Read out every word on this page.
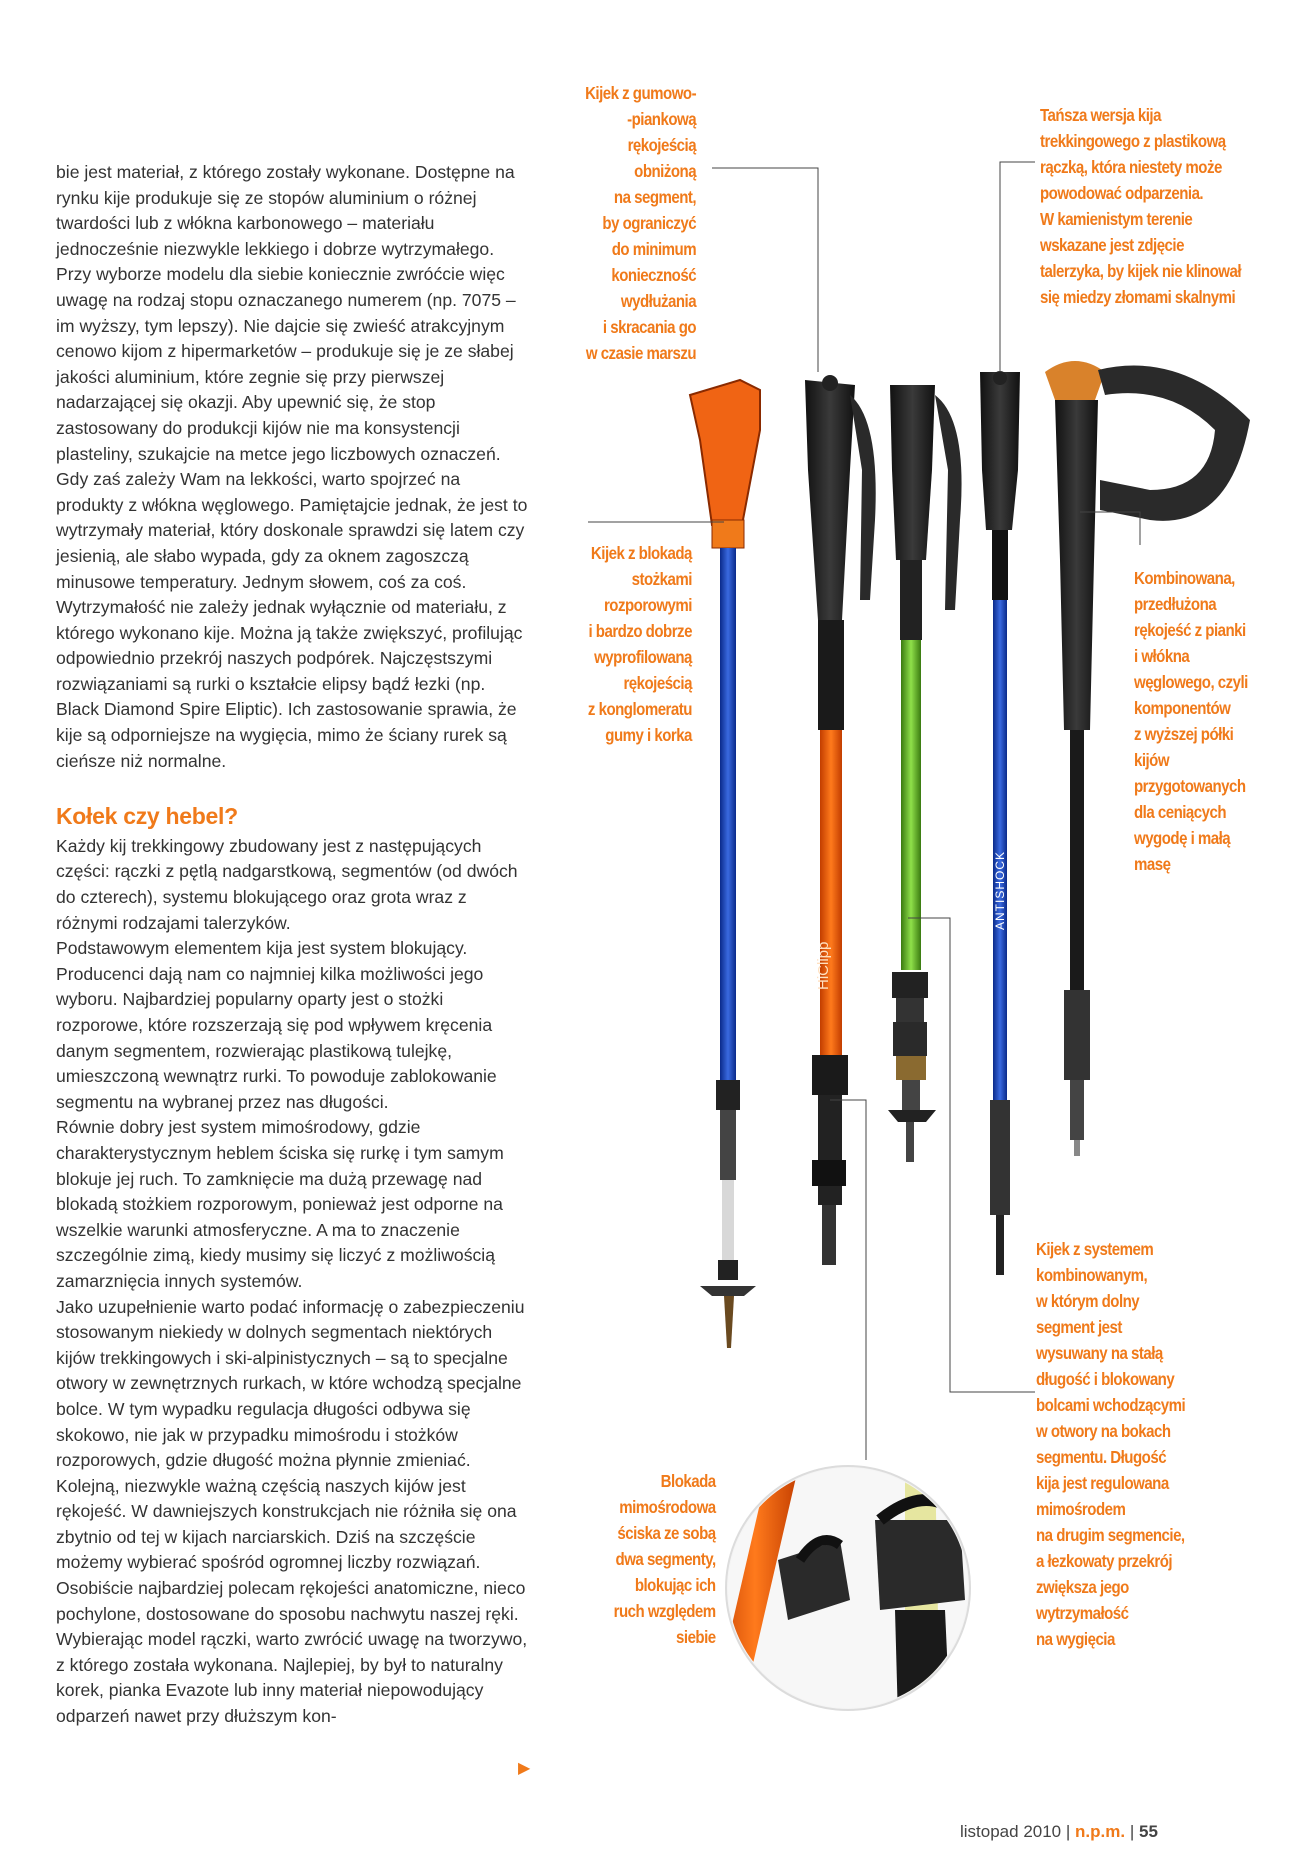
HiClipp
ANTISHOCK

bie jest materiał, z którego zostały wykonane. Dostępne na rynku kije produkuje się ze stopów aluminium o różnej twardości lub z włókna karbonowego – materiału jednocześnie niezwykle lekkiego i dobrze wytrzymałego. Przy wyborze modelu dla siebie koniecznie zwróćcie więc uwagę na rodzaj stopu oznaczanego numerem (np. 7075 – im wyższy, tym lepszy). Nie dajcie się zwieść atrakcyjnym cenowo kijom z hipermarketów – produkuje się je ze słabej jakości aluminium, które zegnie się przy pierwszej nadarzającej się okazji. Aby upewnić się, że stop zastosowany do produkcji kijów nie ma konsystencji plasteliny, szukajcie na metce jego liczbowych oznaczeń. Gdy zaś zależy Wam na lekkości, warto spojrzeć na produkty z włókna węglowego. Pamiętajcie jednak, że jest to wytrzymały materiał, który doskonale sprawdzi się latem czy jesienią, ale słabo wypada, gdy za oknem zagoszczą minusowe temperatury. Jednym słowem, coś za coś.

Wytrzymałość nie zależy jednak wyłącznie od materiału, z którego wykonano kije. Można ją także zwiększyć, profilując odpowiednio przekrój naszych podpórek. Najczęstszymi rozwiązaniami są rurki o kształcie elipsy bądź łezki (np. Black Diamond Spire Eliptic). Ich zastosowanie sprawia, że kije są odporniejsze na wygięcia, mimo że ściany rurek są cieńsze niż normalne.

Kołek czy hebel?

Każdy kij trekkingowy zbudowany jest z następujących części: rączki z pętlą nadgarstkową, segmentów (od dwóch do czterech), systemu blokującego oraz grota wraz z różnymi rodzajami talerzyków.

Podstawowym elementem kija jest system blokujący. Producenci dają nam co najmniej kilka możliwości jego wyboru. Najbardziej popularny oparty jest o stożki rozporowe, które rozszerzają się pod wpływem kręcenia danym segmentem, rozwierając plastikową tulejkę, umieszczoną wewnątrz rurki. To powoduje zablokowanie segmentu na wybranej przez nas długości.

Równie dobry jest system mimośrodowy, gdzie charakterystycznym heblem ściska się rurkę i tym samym blokuje jej ruch. To zamknięcie ma dużą przewagę nad blokadą stożkiem rozporowym, ponieważ jest odporne na wszelkie warunki atmosferyczne. A ma to znaczenie szczególnie zimą, kiedy musimy się liczyć z możliwością zamarznięcia innych systemów.

Jako uzupełnienie warto podać informację o zabezpieczeniu stosowanym niekiedy w dolnych segmentach niektórych kijów trekkingowych i ski-alpinistycznych – są to specjalne otwory w zewnętrznych rurkach, w które wchodzą specjalne bolce. W tym wypadku regulacja długości odbywa się skokowo, nie jak w przypadku mimośrodu i stożków rozporowych, gdzie długość można płynnie zmieniać.

Kolejną, niezwykle ważną częścią naszych kijów jest rękojeść. W dawniejszych konstrukcjach nie różniła się ona zbytnio od tej w kijach narciarskich. Dziś na szczęście możemy wybierać spośród ogromnej liczby rozwiązań. Osobiście najbardziej polecam rękojeści anatomiczne, nieco pochylone, dostosowane do sposobu nachwytu naszej ręki. Wybierając model rączki, warto zwrócić uwagę na tworzywo, z którego została wykonana. Najlepiej, by był to naturalny korek, pianka Evazote lub inny materiał niepowodujący odparzeń nawet przy dłuższym kon-

▶
Kijek z gumowo-
-piankową
rękojeścią
obniżoną
na segment,
by ograniczyć
do minimum
konieczność
wydłużania
i skracania go
w czasie marszu
Tańsza wersja kija
trekkingowego z plastikową
rączką, która niestety może
powodować odparzenia.
W kamienistym terenie
wskazane jest zdjęcie
talerzyka, by kijek nie klinował
się miedzy złomami skalnymi
Kijek z blokadą
stożkami
rozporowymi
i bardzo dobrze
wyprofilowaną
rękojeścią
z konglomeratu
gumy i korka
Kombinowana,
przedłużona
rękojeść z pianki
i włókna
węglowego, czyli
komponentów
z wyższej półki
kijów
przygotowanych
dla ceniących
wygodę i małą
masę
Kijek z systemem
kombinowanym,
w którym dolny
segment jest
wysuwany na stałą
długość i blokowany
bolcami wchodzącymi
w otwory na bokach
segmentu. Długość
kija jest regulowana
mimośrodem
na drugim segmencie,
a łezkowaty przekrój
zwiększa jego
wytrzymałość
na wygięcia
Blokada
mimośrodowa
ściska ze sobą
dwa segmenty,
blokując ich
ruch względem
siebie
listopad 2010 | n.p.m. | 55
